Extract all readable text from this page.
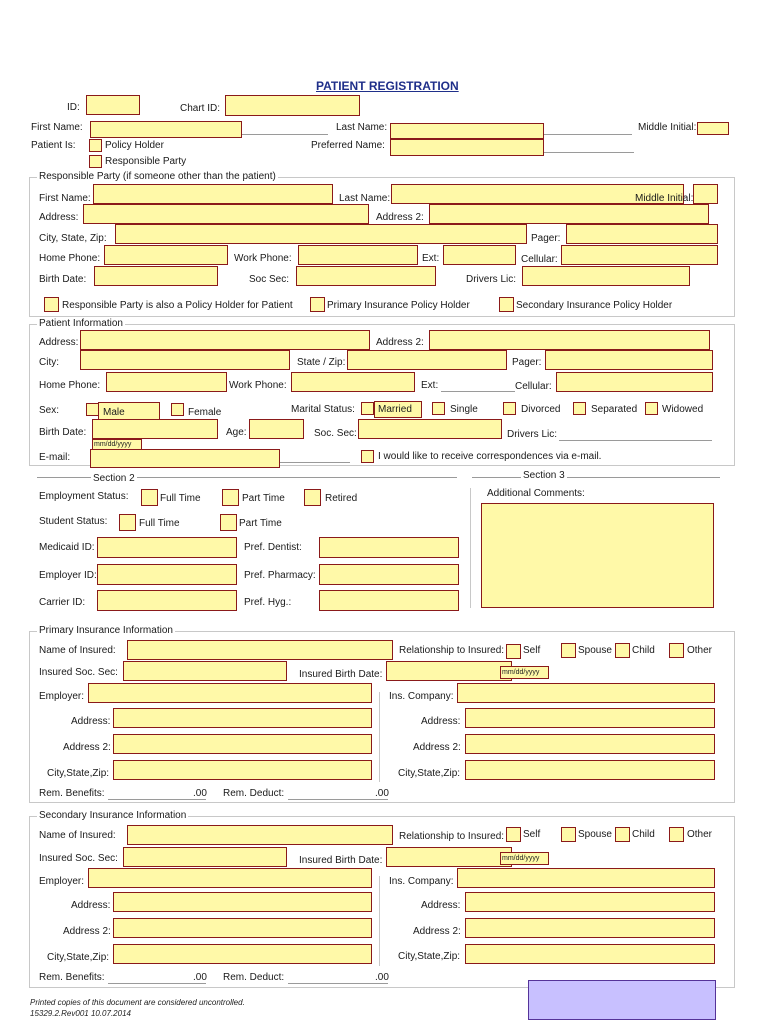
PATIENT REGISTRATION
ID:	Chart ID:
First Name:	Last Name:	Middle Initial:
Patient Is:	Policy Holder
Responsible Party
Preferred Name:
Responsible Party (if someone other than the patient)
First Name:	Last Name:	Middle Initial:
Address:	Address 2:
City, State, Zip:	Pager:
Home Phone:	Work Phone:	Ext:	Cellular:
Birth Date:	Soc Sec:	Drivers Lic:
Responsible Party is also a Policy Holder for Patient	Primary Insurance Policy Holder	Secondary Insurance Policy Holder
Patient Information
Address:	Address 2:
City:	State / Zip:	Pager:
Home Phone:	Work Phone:	Ext:	Cellular:
Sex:	Male	Female	Marital Status: Married	Single	Divorced	Separated Widowed
Birth Date:
mm/dd/yyyy
Age:	Soc. Sec:	Drivers Lic:
E-mail:	I would like to receive correspondences via e-mail.
Section 2	Section 3
Employment Status:	Full Time	Part Time	Retired	Additional Comments:
Student Status:	Full Time	Part Time
Medicaid ID:	Pref. Dentist:
Employer ID:	Pref. Pharmacy:
Carrier ID:	Pref. Hyg.:
Primary Insurance Information
Name of Insured:	Relationship to Insured: Self	Spouse Child	Other
Insured Soc. Sec:	Insured Birth Date:	mm/dd/yyyy
Employer:	Ins. Company:
Address:	Address:
Address 2:	Address 2:
City,State,Zip:	City,State,Zip:
Rem. Benefits:	.00 Rem. Deduct:	.00
Secondary Insurance Information
Name of Insured:	Relationship to Insured: Self	Spouse Child	Other
Insured Soc. Sec:	Insured Birth Date:	mm/dd/yyyy
Employer:	Ins. Company:
Address:	Address:
Address 2:	Address 2:
City,State,Zip:	City,State,Zip:
Rem. Benefits:	.00 Rem. Deduct:	.00
Printed copies of this document are considered uncontrolled.
15329.2.Rev001 10.07.2014
